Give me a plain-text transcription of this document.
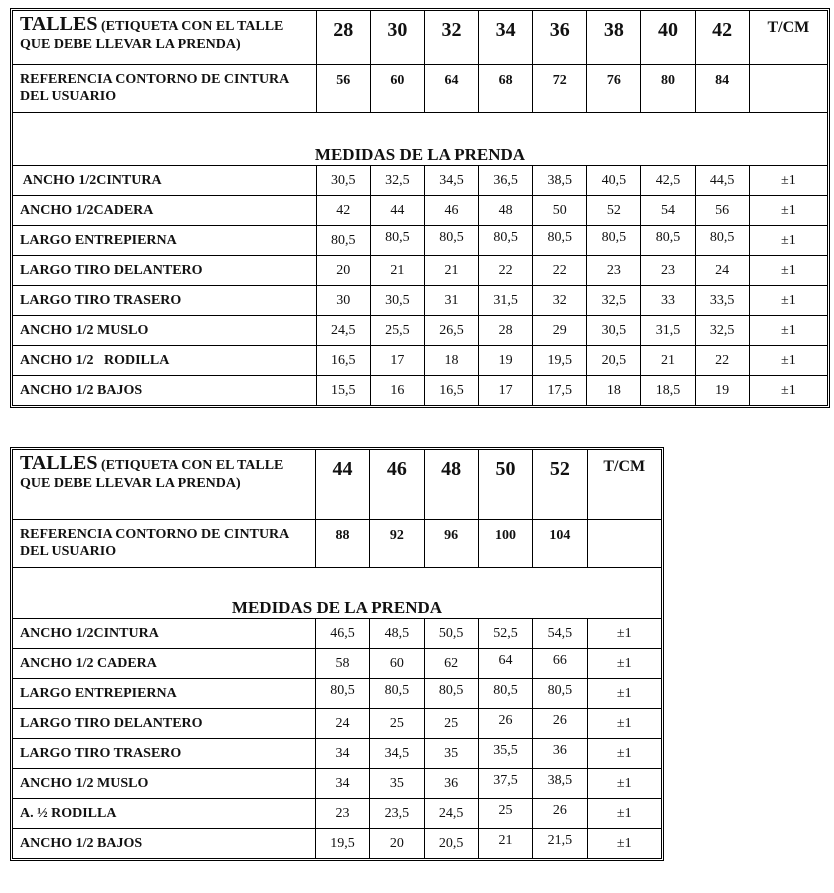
TALLES (ETIQUETA CON EL TALLE QUE DEBE LLEVAR LA PRENDA)	28	30	32	34	36	38	40	42	T/CM
REFERENCIA CONTORNO DE CINTURA DEL USUARIO	56	60	64	68	72	76	80	84	
MEDIDAS DE LA PRENDA									
ANCHO 1/2CINTURA	30,5	32,5	34,5	36,5	38,5	40,5	42,5	44,5	±1
ANCHO 1/2CADERA	42	44	46	48	50	52	54	56	±1
LARGO ENTREPIERNA	80,5	80,5	80,5	80,5	80,5	80,5	80,5	80,5	±1
LARGO TIRO DELANTERO	20	21	21	22	22	23	23	24	±1
LARGO TIRO TRASERO	30	30,5	31	31,5	32	32,5	33	33,5	±1
ANCHO 1/2 MUSLO	24,5	25,5	26,5	28	29	30,5	31,5	32,5	±1
ANCHO 1/2   RODILLA	16,5	17	18	19	19,5	20,5	21	22	±1
ANCHO 1/2 BAJOS	15,5	16	16,5	17	17,5	18	18,5	19	±1
TALLES (ETIQUETA CON EL TALLE QUE DEBE LLEVAR LA PRENDA)	44	46	48	50	52	T/CM
REFERENCIA CONTORNO DE CINTURA DEL USUARIO	88	92	96	100	104	
MEDIDAS DE LA PRENDA						
ANCHO 1/2CINTURA	46,5	48,5	50,5	52,5	54,5	±1
ANCHO 1/2 CADERA	58	60	62	64	66	±1
LARGO ENTREPIERNA	80,5	80,5	80,5	80,5	80,5	±1
LARGO TIRO DELANTERO	24	25	25	26	26	±1
LARGO TIRO TRASERO	34	34,5	35	35,5	36	±1
ANCHO 1/2 MUSLO	34	35	36	37,5	38,5	±1
A. ½ RODILLA	23	23,5	24,5	25	26	±1
ANCHO 1/2 BAJOS	19,5	20	20,5	21	21,5	±1
